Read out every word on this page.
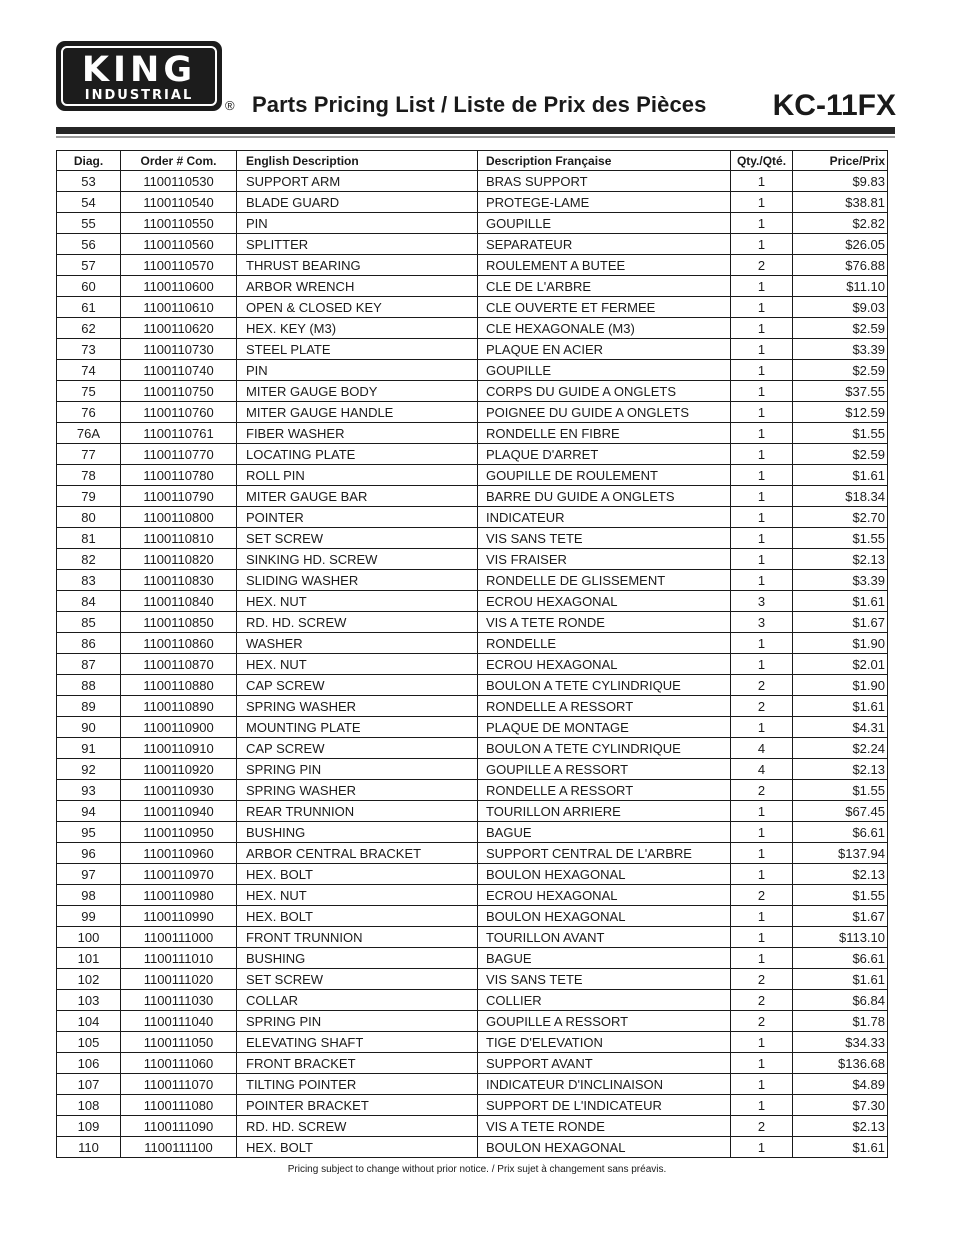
KING
INDUSTRIAL
® Parts Pricing List / Liste de Prix des Pièces KC-11FX
Diag.	Order # Com.	English Description	Description Française	Qty./Qté.	Price/Prix
53	1100110530	SUPPORT ARM	BRAS SUPPORT	1	$9.83
54	1100110540	BLADE GUARD	PROTEGE-LAME	1	$38.81
55	1100110550	PIN	GOUPILLE	1	$2.82
56	1100110560	SPLITTER	SEPARATEUR	1	$26.05
57	1100110570	THRUST BEARING	ROULEMENT A BUTEE	2	$76.88
60	1100110600	ARBOR WRENCH	CLE DE L'ARBRE	1	$11.10
61	1100110610	OPEN & CLOSED KEY	CLE OUVERTE ET FERMEE	1	$9.03
62	1100110620	HEX. KEY (M3)	CLE HEXAGONALE (M3)	1	$2.59
73	1100110730	STEEL PLATE	PLAQUE EN ACIER	1	$3.39
74	1100110740	PIN	GOUPILLE	1	$2.59
75	1100110750	MITER GAUGE BODY	CORPS DU GUIDE A ONGLETS	1	$37.55
76	1100110760	MITER GAUGE HANDLE	POIGNEE DU GUIDE A ONGLETS	1	$12.59
76A	1100110761	FIBER WASHER	RONDELLE EN FIBRE	1	$1.55
77	1100110770	LOCATING PLATE	PLAQUE D'ARRET	1	$2.59
78	1100110780	ROLL PIN	GOUPILLE DE ROULEMENT	1	$1.61
79	1100110790	MITER GAUGE BAR	BARRE DU GUIDE A ONGLETS	1	$18.34
80	1100110800	POINTER	INDICATEUR	1	$2.70
81	1100110810	SET SCREW	VIS SANS TETE	1	$1.55
82	1100110820	SINKING HD. SCREW	VIS FRAISER	1	$2.13
83	1100110830	SLIDING WASHER	RONDELLE DE GLISSEMENT	1	$3.39
84	1100110840	HEX. NUT	ECROU HEXAGONAL	3	$1.61
85	1100110850	RD. HD. SCREW	VIS A TETE RONDE	3	$1.67
86	1100110860	WASHER	RONDELLE	1	$1.90
87	1100110870	HEX. NUT	ECROU HEXAGONAL	1	$2.01
88	1100110880	CAP SCREW	BOULON A TETE CYLINDRIQUE	2	$1.90
89	1100110890	SPRING WASHER	RONDELLE A RESSORT	2	$1.61
90	1100110900	MOUNTING PLATE	PLAQUE DE MONTAGE	1	$4.31
91	1100110910	CAP SCREW	BOULON A TETE CYLINDRIQUE	4	$2.24
92	1100110920	SPRING PIN	GOUPILLE A RESSORT	4	$2.13
93	1100110930	SPRING WASHER	RONDELLE A RESSORT	2	$1.55
94	1100110940	REAR TRUNNION	TOURILLON ARRIERE	1	$67.45
95	1100110950	BUSHING	BAGUE	1	$6.61
96	1100110960	ARBOR CENTRAL BRACKET	SUPPORT CENTRAL DE L'ARBRE	1	$137.94
97	1100110970	HEX. BOLT	BOULON HEXAGONAL	1	$2.13
98	1100110980	HEX. NUT	ECROU HEXAGONAL	2	$1.55
99	1100110990	HEX. BOLT	BOULON HEXAGONAL	1	$1.67
100	1100111000	FRONT TRUNNION	TOURILLON AVANT	1	$113.10
101	1100111010	BUSHING	BAGUE	1	$6.61
102	1100111020	SET SCREW	VIS SANS TETE	2	$1.61
103	1100111030	COLLAR	COLLIER	2	$6.84
104	1100111040	SPRING PIN	GOUPILLE A RESSORT	2	$1.78
105	1100111050	ELEVATING SHAFT	TIGE D'ELEVATION	1	$34.33
106	1100111060	FRONT BRACKET	SUPPORT AVANT	1	$136.68
107	1100111070	TILTING POINTER	INDICATEUR D'INCLINAISON	1	$4.89
108	1100111080	POINTER BRACKET	SUPPORT DE L'INDICATEUR	1	$7.30
109	1100111090	RD. HD. SCREW	VIS A TETE RONDE	2	$2.13
110	1100111100	HEX. BOLT	BOULON HEXAGONAL	1	$1.61
Pricing subject to change without prior notice. / Prix sujet à changement sans préavis.
